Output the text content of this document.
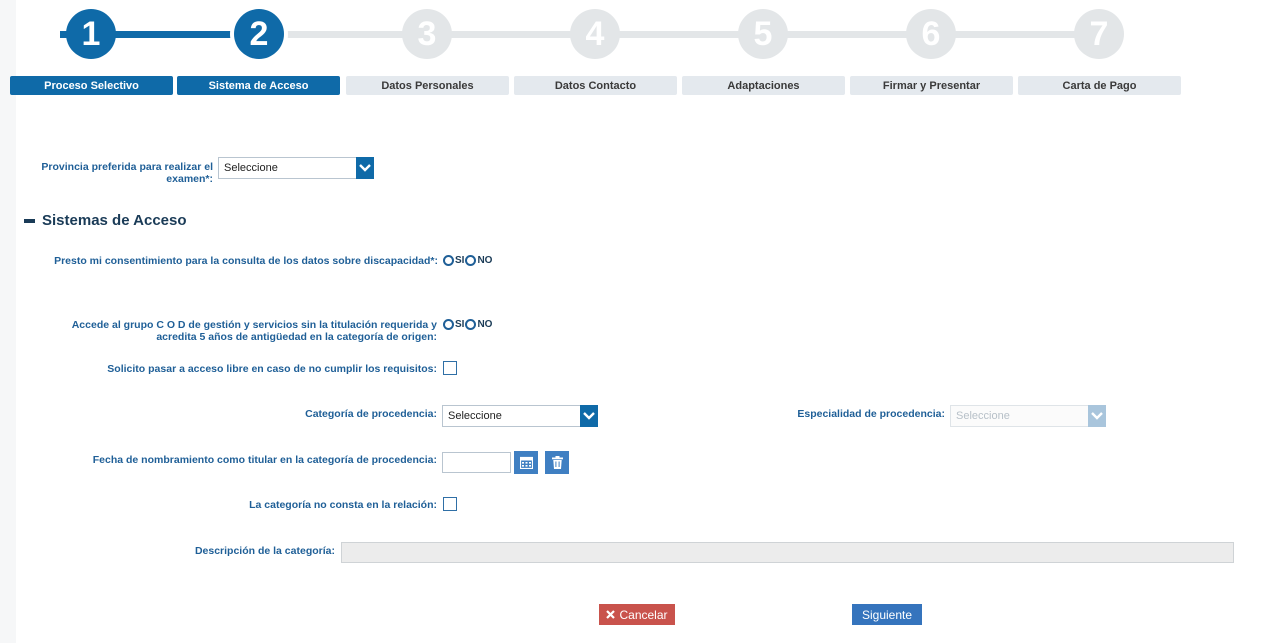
1	2	3	4	5	6	7
Proceso Selectivo	Sistema de Acceso	Datos Personales	Datos Contacto	Adaptaciones	Firmar y Presentar	Carta de Pago
Provincia preferida para realizar el examen*:
Seleccione
Sistemas de Acceso
Presto mi consentimiento para la consulta de los datos sobre discapacidad*: SI NO
Accede al grupo C O D de gestión y servicios sin la titulación requerida y acredita 5 años de antigüedad en la categoría de origen:
SI NO
Solicito pasar a acceso libre en caso de no cumplir los requisitos:
Categoría de procedencia: Seleccione	Especialidad de procedencia: Seleccione
Fecha de nombramiento como titular en la categoría de procedencia:
La categoría no consta en la relación:
Descripción de la categoría:
Cancelar	Siguiente
